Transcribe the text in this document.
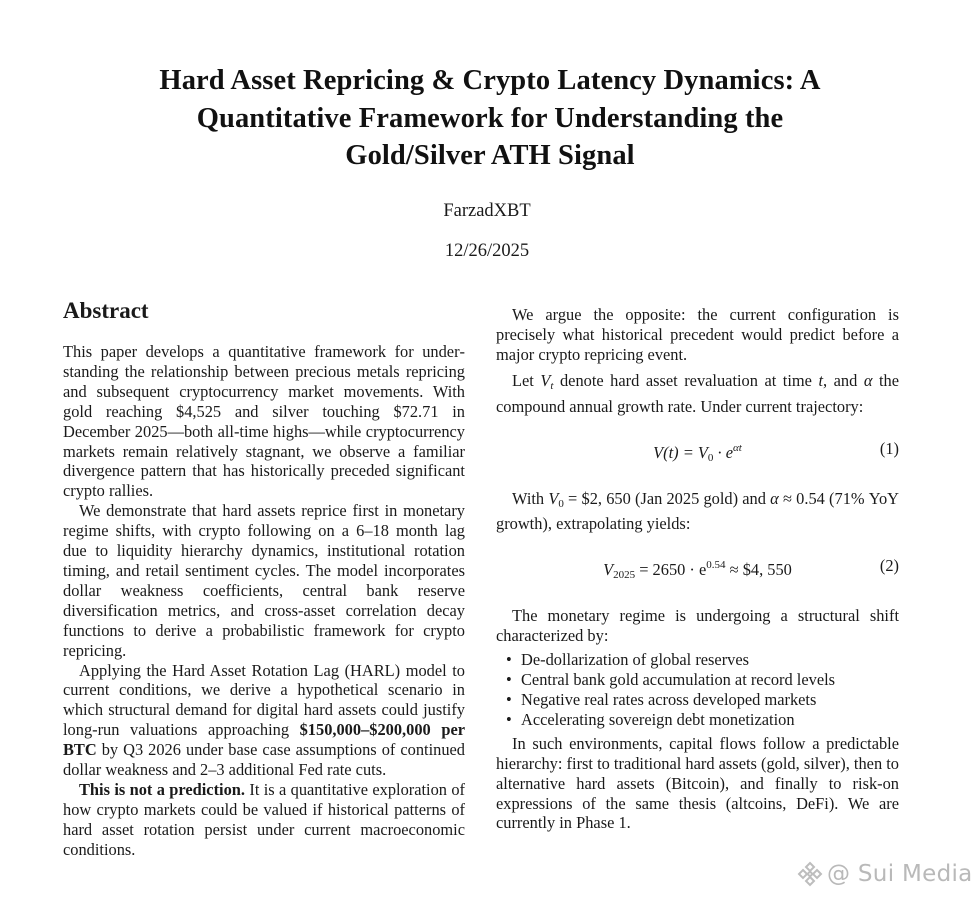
Hard Asset Repricing & Crypto Latency Dynamics: A
Quantitative Framework for Understanding the
Gold/Silver ATH Signal
FarzadXBT
12/26/2025
Abstract

This paper develops a quantitative framework for understanding the relationship between precious metals repricing and subsequent cryptocurrency market movements. With gold reaching $4,525 and silver touching $72.71 in December 2025—both all-time highs—while cryptocurrency markets remain relatively stagnant, we observe a familiar divergence pattern that has historically preceded significant crypto rallies.

We demonstrate that hard assets reprice first in monetary regime shifts, with crypto following on a 6–18 month lag due to liquidity hierarchy dynamics, institutional rotation timing, and retail sentiment cycles. The model incorporates dollar weakness coefficients, central bank reserve diversification metrics, and cross-asset correlation decay functions to derive a probabilistic framework for crypto repricing.

Applying the Hard Asset Rotation Lag (HARL) model to current conditions, we derive a hypothetical scenario in which structural demand for digital hard assets could justify long-run valuations approaching $150,000–$200,000 per BTC by Q3 2026 under base case assumptions of continued dollar weakness and 2–3 additional Fed rate cuts.

This is not a prediction. It is a quantitative exploration of how crypto markets could be valued if historical patterns of hard asset rotation persist under current macroeconomic conditions.

We argue the opposite: the current configuration is precisely what historical precedent would predict before a major crypto repricing event.

Let Vt denote hard asset revaluation at time t, and α the compound annual growth rate. Under current trajectory:

$V(t) = V_0 \cdot e^{\alpha t}$	(1)

With $V_0$ = $2, 650 (Jan 2025 gold) and α ≈ 0.54 (71% YoY growth), extrapolating yields:

$V_{2025} = 2650 \cdot e^{0.54}$ ≈ $4, 550	(2)

The monetary regime is undergoing a structural shift characterized by:

• De-dollarization of global reserves
• Central bank gold accumulation at record levels
• Negative real rates across developed markets
• Accelerating sovereign debt monetization

In such environments, capital flows follow a predictable hierarchy: first to traditional hard assets (gold, silver), then to alternative hard assets (Bitcoin), and finally to risk-on expressions of the same thesis (altcoins, DeFi). We are currently in Phase 1.

@ Sui Media
